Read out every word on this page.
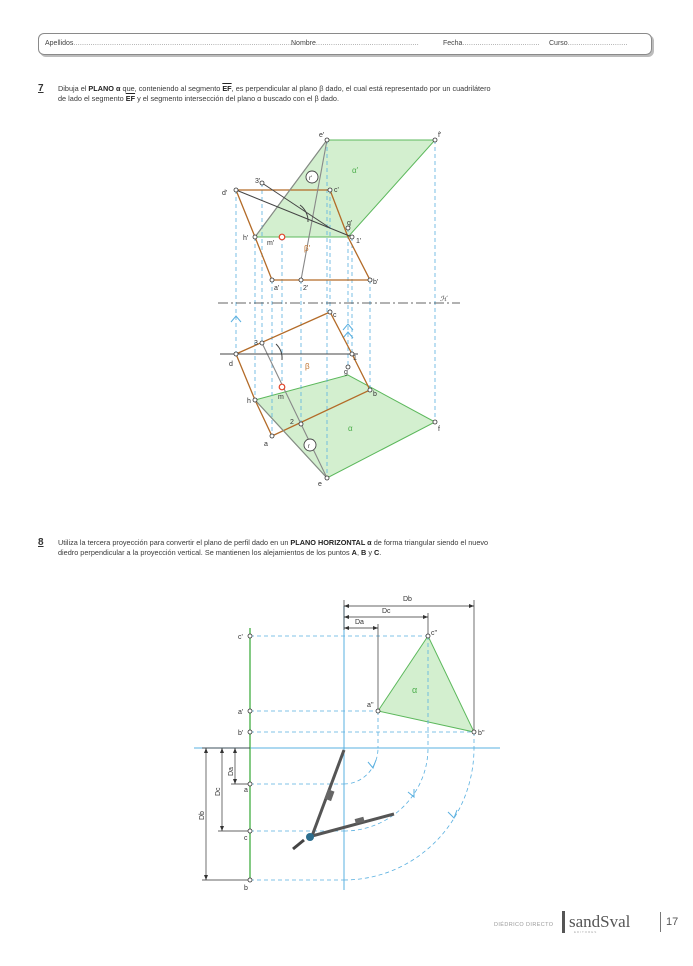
Apellidos........................................................................................................
Nombre................................................	Fecha.................................... Curso............................
7 Dibuja el PLANO α que, conteniendo al segmento $\overline{EF}$, es perpendicular al plano β dado, el cual está representado por un cuadrilátero
de lado el segmento $\overline{EF}$ y el segmento intersección del plano α buscado con el β dado.
e'	f'
α'
r'
c'
3'
d'
g'
h'
m'
β'
1'
a'	2'
b'
ℋ
c
3
d
1
g
β
h
m	b
2
α
a	r
f
e
8 Utiliza la tercera proyección para convertir el plano de perfil dado en un PLANO HORIZONTAL α de forma triangular siendo el nuevo
diedro perpendicular a la proyección vertical. Se mantienen los alejamientos de los puntos A, B y C.
Db
Dc
Da
c'
c''
α
a'
a''
b'	b''
a
c
b
Da
Dc
Db
DIÉDRICO DIRECTO sandSval
EDITORES
17
